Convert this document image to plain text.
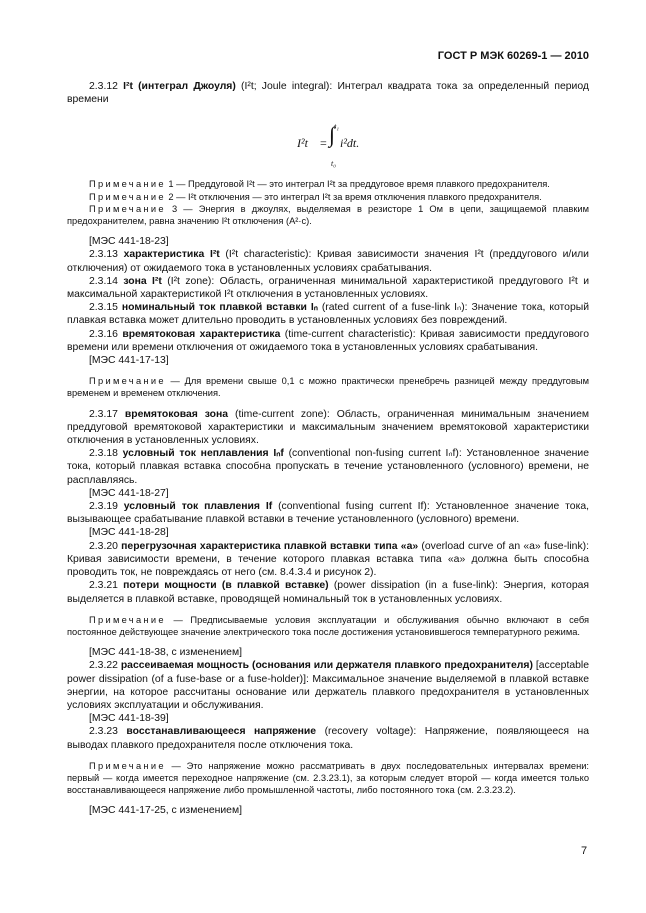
ГОСТ Р МЭК 60269-1 — 2010

2.3.12 I²t (интеграл Джоуля) (I²t; Joule integral): Интеграл квадрата тока за определенный период времени

I²t =
t₁
∫
t₀
i²dt.

Примечание 1 — Преддуговой I²t — это интеграл I²t за преддуговое время плавкого предохранителя.

Примечание 2 — I²t отключения — это интеграл I²t за время отключения плавкого предохранителя.

Примечание 3 — Энергия в джоулях, выделяемая в резисторе 1 Ом в цепи, защищаемой плавким предохранителем, равна значению I²t отключения (А²·с).

[МЭС 441-18-23]

2.3.13 характеристика I²t (I²t characteristic): Кривая зависимости значения I²t (преддугового и/или отключения) от ожидаемого тока в установленных условиях срабатывания.

2.3.14 зона I²t (I²t zone): Область, ограниченная минимальной характеристикой преддугового I²t и максимальной характеристикой I²t отключения в установленных условиях.

2.3.15 номинальный ток плавкой вставки Iₙ (rated current of a fuse-link Iₙ): Значение тока, который плавкая вставка может длительно проводить в установленных условиях без повреждений.

2.3.16 времятоковая характеристика (time-current characteristic): Кривая зависимости преддугового времени или времени отключения от ожидаемого тока в установленных условиях срабатывания.

[МЭС 441-17-13]

Примечание — Для времени свыше 0,1 с можно практически пренебречь разницей между преддуговым временем и временем отключения.

2.3.17 времятоковая зона (time-current zone): Область, ограниченная минимальным значением преддуговой времятоковой характеристики и максимальным значением времятоковой характеристики отключения в установленных условиях.

2.3.18 условный ток неплавления Iₙf (conventional non-fusing current Iₙf): Установленное значение тока, который плавкая вставка способна пропускать в течение установленного (условного) времени, не расплавляясь.

[МЭС 441-18-27]

2.3.19 условный ток плавления If (conventional fusing current If): Установленное значение тока, вызывающее срабатывание плавкой вставки в течение установленного (условного) времени.

[МЭС 441-18-28]

2.3.20 перегрузочная характеристика плавкой вставки типа «а» (overload curve of an «a» fuse-link): Кривая зависимости времени, в течение которого плавкая вставка типа «а» должна быть способна проводить ток, не повреждаясь от него (см. 8.4.3.4 и рисунок 2).

2.3.21 потери мощности (в плавкой вставке) (power dissipation (in a fuse-link): Энергия, которая выделяется в плавкой вставке, проводящей номинальный ток в установленных условиях.

Примечание — Предписываемые условия эксплуатации и обслуживания обычно включают в себя постоянное действующее значение электрического тока после достижения установившегося температурного режима.

[МЭС 441-18-38, с изменением]

2.3.22 рассеиваемая мощность (основания или держателя плавкого предохранителя) [acceptable power dissipation (of a fuse-base or a fuse-holder)]: Максимальное значение выделяемой в плавкой вставке энергии, на которое рассчитаны основание или держатель плавкого предохранителя в установленных условиях эксплуатации и обслуживания.

[МЭС 441-18-39]

2.3.23 восстанавливающееся напряжение (recovery voltage): Напряжение, появляющееся на выводах плавкого предохранителя после отключения тока.

Примечание — Это напряжение можно рассматривать в двух последовательных интервалах времени: первый — когда имеется переходное напряжение (см. 2.3.23.1), за которым следует второй — когда имеется только восстанавливающееся напряжение либо промышленной частоты, либо постоянного тока (см. 2.3.23.2).

[МЭС 441-17-25, с изменением]

7
